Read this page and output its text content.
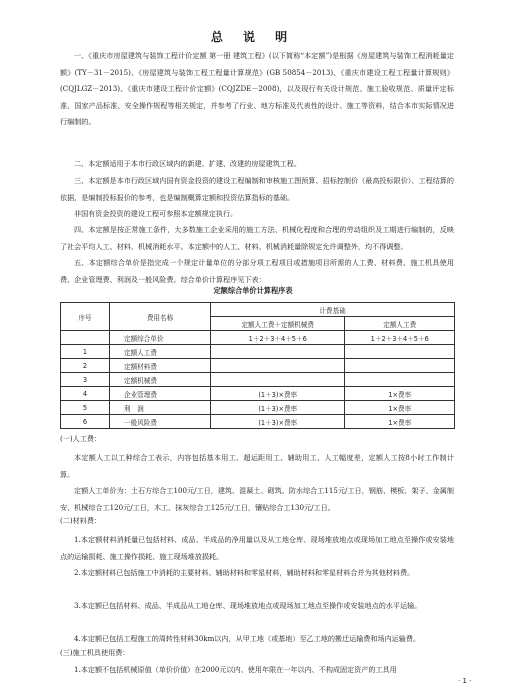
总 说 明

一、《重庆市房屋建筑与装饰工程计价定额 第一册 建筑工程》(以下简称“本定额”)是根据《房屋建筑与装饰工程消耗量定额》(TY－31－2015)、《房屋建筑与装饰工程工程量计算规范》(GB 50854－2013)、《重庆市建设工程工程量计算规则》(CQJLGZ－2013)、《重庆市建设工程计价定额》(CQJZDE－2008)，以及现行有关设计规范、施工验收规范、质量评定标准、国家产品标准、安全操作规程等相关规定，并参考了行业、地方标准及代表性的设计、施工等资料，结合本市实际情况进行编制的。

二、本定额适用于本市行政区域内的新建、扩建、改建的房屋建筑工程。

三、本定额是本市行政区域内国有资金投资的建设工程编制和审核施工图预算、招标控制价（最高投标限价）、工程结算的依据，是编制投标报价的参考，也是编制概算定额和投资估算指标的基础。

非国有资金投资的建设工程可参照本定额规定执行。

四、本定额是按正常施工条件，大多数施工企业采用的施工方法、机械化程度和合理的劳动组织及工期进行编制的，反映了社会平均人工、材料、机械消耗水平。本定额中的人工、材料、机械消耗量除规定允许调整外，均不得调整。

五、本定额综合单价是指完成一个规定计量单位的分部分项工程项目或措施项目所需的人工费、材料费、施工机具使用费、企业管理费、利润及一般风险费。综合单价计算程序见下表：

定额综合单价计算程序表
序号	费用名称	计费基础	
		定额人工费＋定额机械费	定额人工费
	定额综合单价	1＋2＋3＋4＋5＋6	1＋2＋3＋4＋5＋6
1	定额人工费		
2	定额材料费		
3	定额机械费		
4	企业管理费	(1＋3)×费率	1×费率
5	利　润	(1＋3)×费率	1×费率
6	一般风险费	(1＋3)×费率	1×费率
(一)人工费：

本定额人工以工种综合工表示，内容包括基本用工、超运距用工、辅助用工、人工幅度差，定额人工按8小时工作制计算。

定额人工单价为：土石方综合工100元/工日，建筑、混凝土、砌筑、防水综合工115元/工日，钢筋、模板、架子、金属制安、机械综合工120元/工日，木工、抹灰综合工125元/工日，镶贴综合工130元/工日。

(二)材料费：

1.本定额材料消耗量已包括材料、成品、半成品的净用量以及从工地仓库、现场堆放地点或现场加工地点至操作或安装地点的运输损耗、施工操作损耗、施工现场堆放损耗。

2.本定额材料已包括施工中消耗的主要材料、辅助材料和零星材料，辅助材料和零星材料合并为其他材料费。

3.本定额已包括材料、成品、半成品从工地仓库、现场堆放地点或现场加工地点至操作或安装地点的水平运输。

4.本定额已包括工程施工的周转性材料30km以内，从甲工地（或基地）至乙工地的搬迁运输费和场内运输费。

(三)施工机具使用费：

1.本定额不包括机械原值（单价价值）在2000元以内、使用年限在一年以内、不构成固定资产的工具用

· 1 ·
